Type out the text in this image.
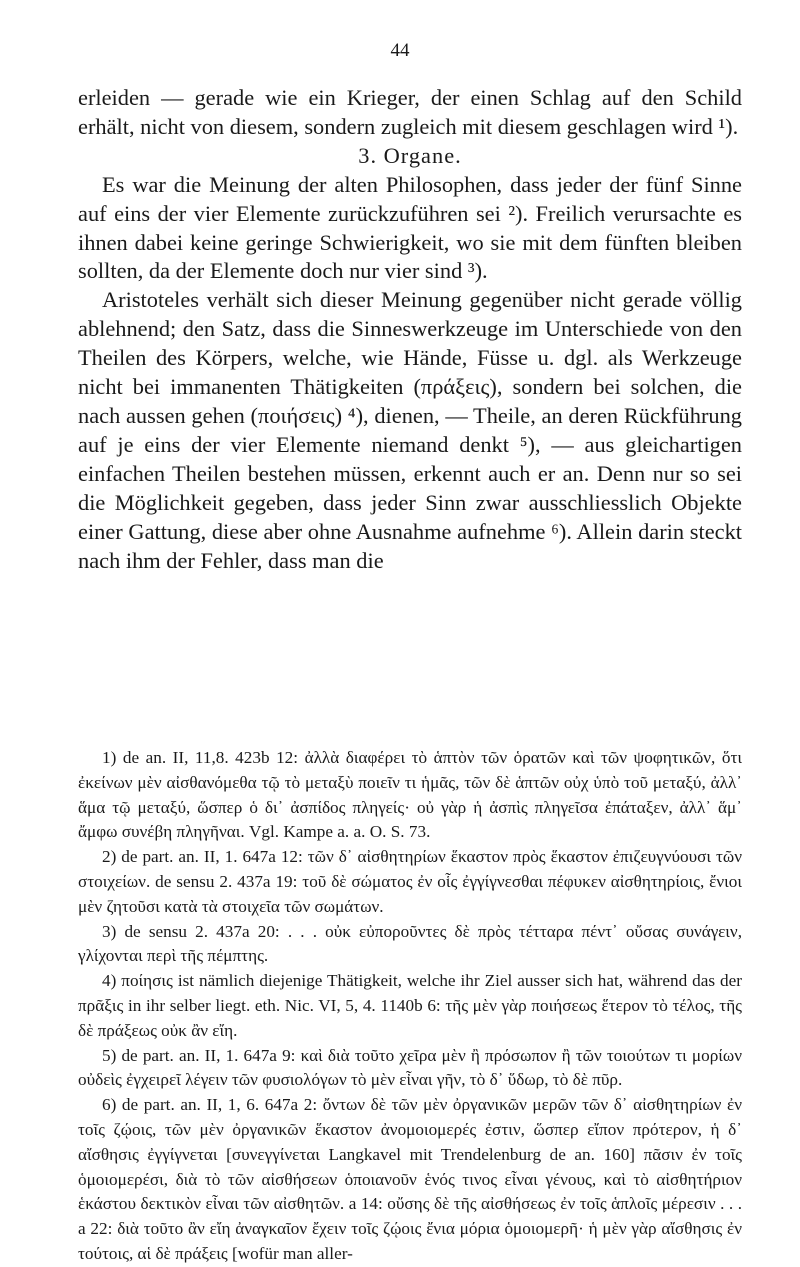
44

erleiden — gerade wie ein Krieger, der einen Schlag auf den Schild erhält, nicht von diesem, sondern zugleich mit diesem geschlagen wird ¹).

3. Organe.

Es war die Meinung der alten Philosophen, dass jeder der fünf Sinne auf eins der vier Elemente zurückzuführen sei ²). Freilich verursachte es ihnen dabei keine geringe Schwierigkeit, wo sie mit dem fünften bleiben sollten, da der Elemente doch nur vier sind ³).

Aristoteles verhält sich dieser Meinung gegenüber nicht gerade völlig ablehnend; den Satz, dass die Sinneswerkzeuge im Unterschiede von den Theilen des Körpers, welche, wie Hände, Füsse u. dgl. als Werkzeuge nicht bei immanenten Thätigkeiten (πράξεις), sondern bei solchen, die nach aussen gehen (ποιήσεις) ⁴), dienen, — Theile, an deren Rückführung auf je eins der vier Elemente niemand denkt ⁵), — aus gleichartigen einfachen Theilen bestehen müssen, erkennt auch er an. Denn nur so sei die Möglichkeit gegeben, dass jeder Sinn zwar ausschliesslich Objekte einer Gattung, diese aber ohne Ausnahme aufnehme ⁶). Allein darin steckt nach ihm der Fehler, dass man die

1) de an. II, 11,8. 423b 12: ἀλλὰ διαφέρει τὸ ἁπτὸν τῶν ὁρατῶν καὶ τῶν ψοφητικῶν, ὅτι ἐκείνων μὲν αἰσθανόμεθα τῷ τὸ μεταξὺ ποιεῖν τι ἡμᾶς, τῶν δὲ ἁπτῶν οὐχ ὑπὸ τοῦ μεταξύ, ἀλλ᾽ ἅμα τῷ μεταξύ, ὥσπερ ὁ δι᾽ ἀσπίδος πληγείς· οὐ γὰρ ἡ ἀσπὶς πληγεῖσα ἐπάταξεν, ἀλλ᾽ ἅμ᾽ ἄμφω συνέβη πληγῆναι. Vgl. Kampe a. a. O. S. 73.

2) de part. an. II, 1. 647a 12: τῶν δ᾽ αἰσθητηρίων ἕκαστον πρὸς ἕκαστον ἐπιζευγνύουσι τῶν στοιχείων. de sensu 2. 437a 19: τοῦ δὲ σώματος ἐν οἷς ἐγγίγνεσθαι πέφυκεν αἰσθητηρίοις, ἔνιοι μὲν ζητοῦσι κατὰ τὰ στοιχεῖα τῶν σωμάτων.

3) de sensu 2. 437a 20: . . . οὐκ εὐποροῦντες δὲ πρὸς τέτταρα πέντ᾽ οὔσας συνάγειν, γλίχονται περὶ τῆς πέμπτης.

4) ποίησις ist nämlich diejenige Thätigkeit, welche ihr Ziel ausser sich hat, während das der πρᾶξις in ihr selber liegt. eth. Nic. VI, 5, 4. 1140b 6: τῆς μὲν γὰρ ποιήσεως ἕτερον τὸ τέλος, τῆς δὲ πράξεως οὐκ ἂν εἴη.

5) de part. an. II, 1. 647a 9: καὶ διὰ τοῦτο χεῖρα μὲν ἢ πρόσωπον ἢ τῶν τοιούτων τι μορίων οὐδεὶς ἐγχειρεῖ λέγειν τῶν φυσιολόγων τὸ μὲν εἶναι γῆν, τὸ δ᾽ ὕδωρ, τὸ δὲ πῦρ.

6) de part. an. II, 1, 6. 647a 2: ὄντων δὲ τῶν μὲν ὀργανικῶν μερῶν τῶν δ᾽ αἰσθητηρίων ἐν τοῖς ζῴοις, τῶν μὲν ὀργανικῶν ἕκαστον ἀνομοιομερές ἐστιν, ὥσπερ εἴπον πρότερον, ἡ δ᾽ αἴσθησις ἐγγίγνεται [συνεγγίνεται Langkavel mit Trendelenburg de an. 160] πᾶσιν ἐν τοῖς ὁμοιομερέσι, διὰ τὸ τῶν αἰσθήσεων ὁποιανοῦν ἑνός τινος εἶναι γένους, καὶ τὸ αἰσθητήριον ἑκάστου δεκτικὸν εἶναι τῶν αἰσθητῶν. a 14: οὔσης δὲ τῆς αἰσθήσεως ἐν τοῖς ἁπλοῖς μέρεσιν . . . a 22: διὰ τοῦτο ἂν εἴη ἀναγκαῖον ἔχειν τοῖς ζῴοις ἔνια μόρια ὁμοιομερῆ· ἡ μὲν γὰρ αἴσθησις ἐν τούτοις, αἱ δὲ πράξεις [wofür man aller-
